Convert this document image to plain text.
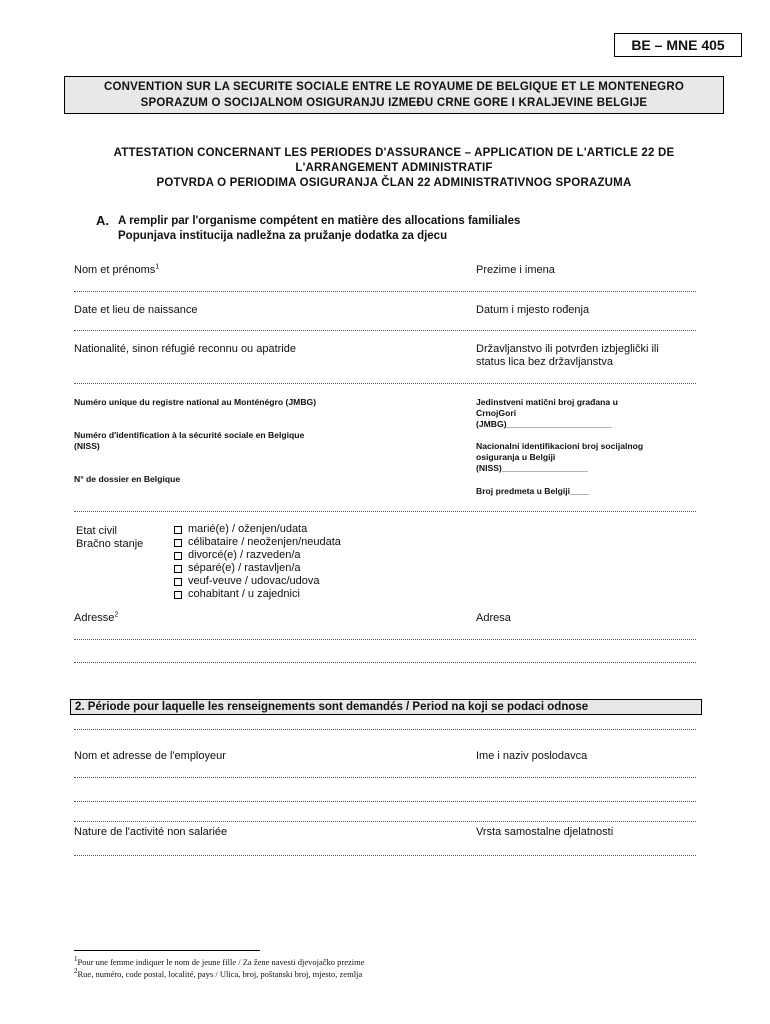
BE – MNE 405
CONVENTION SUR LA SECURITE SOCIALE ENTRE LE ROYAUME DE BELGIQUE ET LE MONTENEGRO
SPORAZUM O SOCIJALNOM OSIGURANJU IZMEĐU CRNE GORE I KRALJEVINE BELGIJE
ATTESTATION CONCERNANT LES PERIODES D'ASSURANCE – APPLICATION DE L'ARTICLE 22 DE
L'ARRANGEMENT ADMINISTRATIF
POTVRDA O PERIODIMA OSIGURANJA ČLAN 22 ADMINISTRATIVNOG SPORAZUMA
A. A remplir par l'organisme compétent en matière des allocations familiales
Popunjava institucija nadležna za pružanje dodatka za djecu
Nom et prénoms$^1$	Prezime i imena
Date et lieu de naissance	Datum i mjesto rođenja
Nationalité, sinon réfugié reconnu ou apatride	Državljanstvo ili potvrđen izbjeglički ili
status lica bez državljanstva
Numéro unique du registre national au Monténégro (JMBG)	Jedinstveni matični broj građana u
CrnojGori
(JMBG)______________________
Numéro d'identification à la sécurité sociale en Belgique
(NISS)	Nacionalni identifikacioni broj socijalnog
osiguranja u Belgiji
(NISS)__________________
N° de dossier en Belgique
Broj predmeta u Belgiji____
Etat civil
Bračno stanje
marié(e) / oženjen/udata
célibataire / neoženjen/neudata
divorcé(e) / razveden/a
séparé(e) / rastavljen/a
veuf-veuve / udovac/udova
cohabitant / u zajednici
Adresse$^2$	Adresa
2. Période pour laquelle les renseignements sont demandés / Period na koji se podaci odnose
Nom et adresse de l'employeur	Ime i naziv poslodavca
Nature de l'activité non salariée	Vrsta samostalne djelatnosti
$^1$Pour une femme indiquer le nom de jeune fille / Za žene navesti djevojačko prezime
$^2$Rue, numéro, code postal, localité, pays / Ulica, broj, poštanski broj, mjesto, zemlja
